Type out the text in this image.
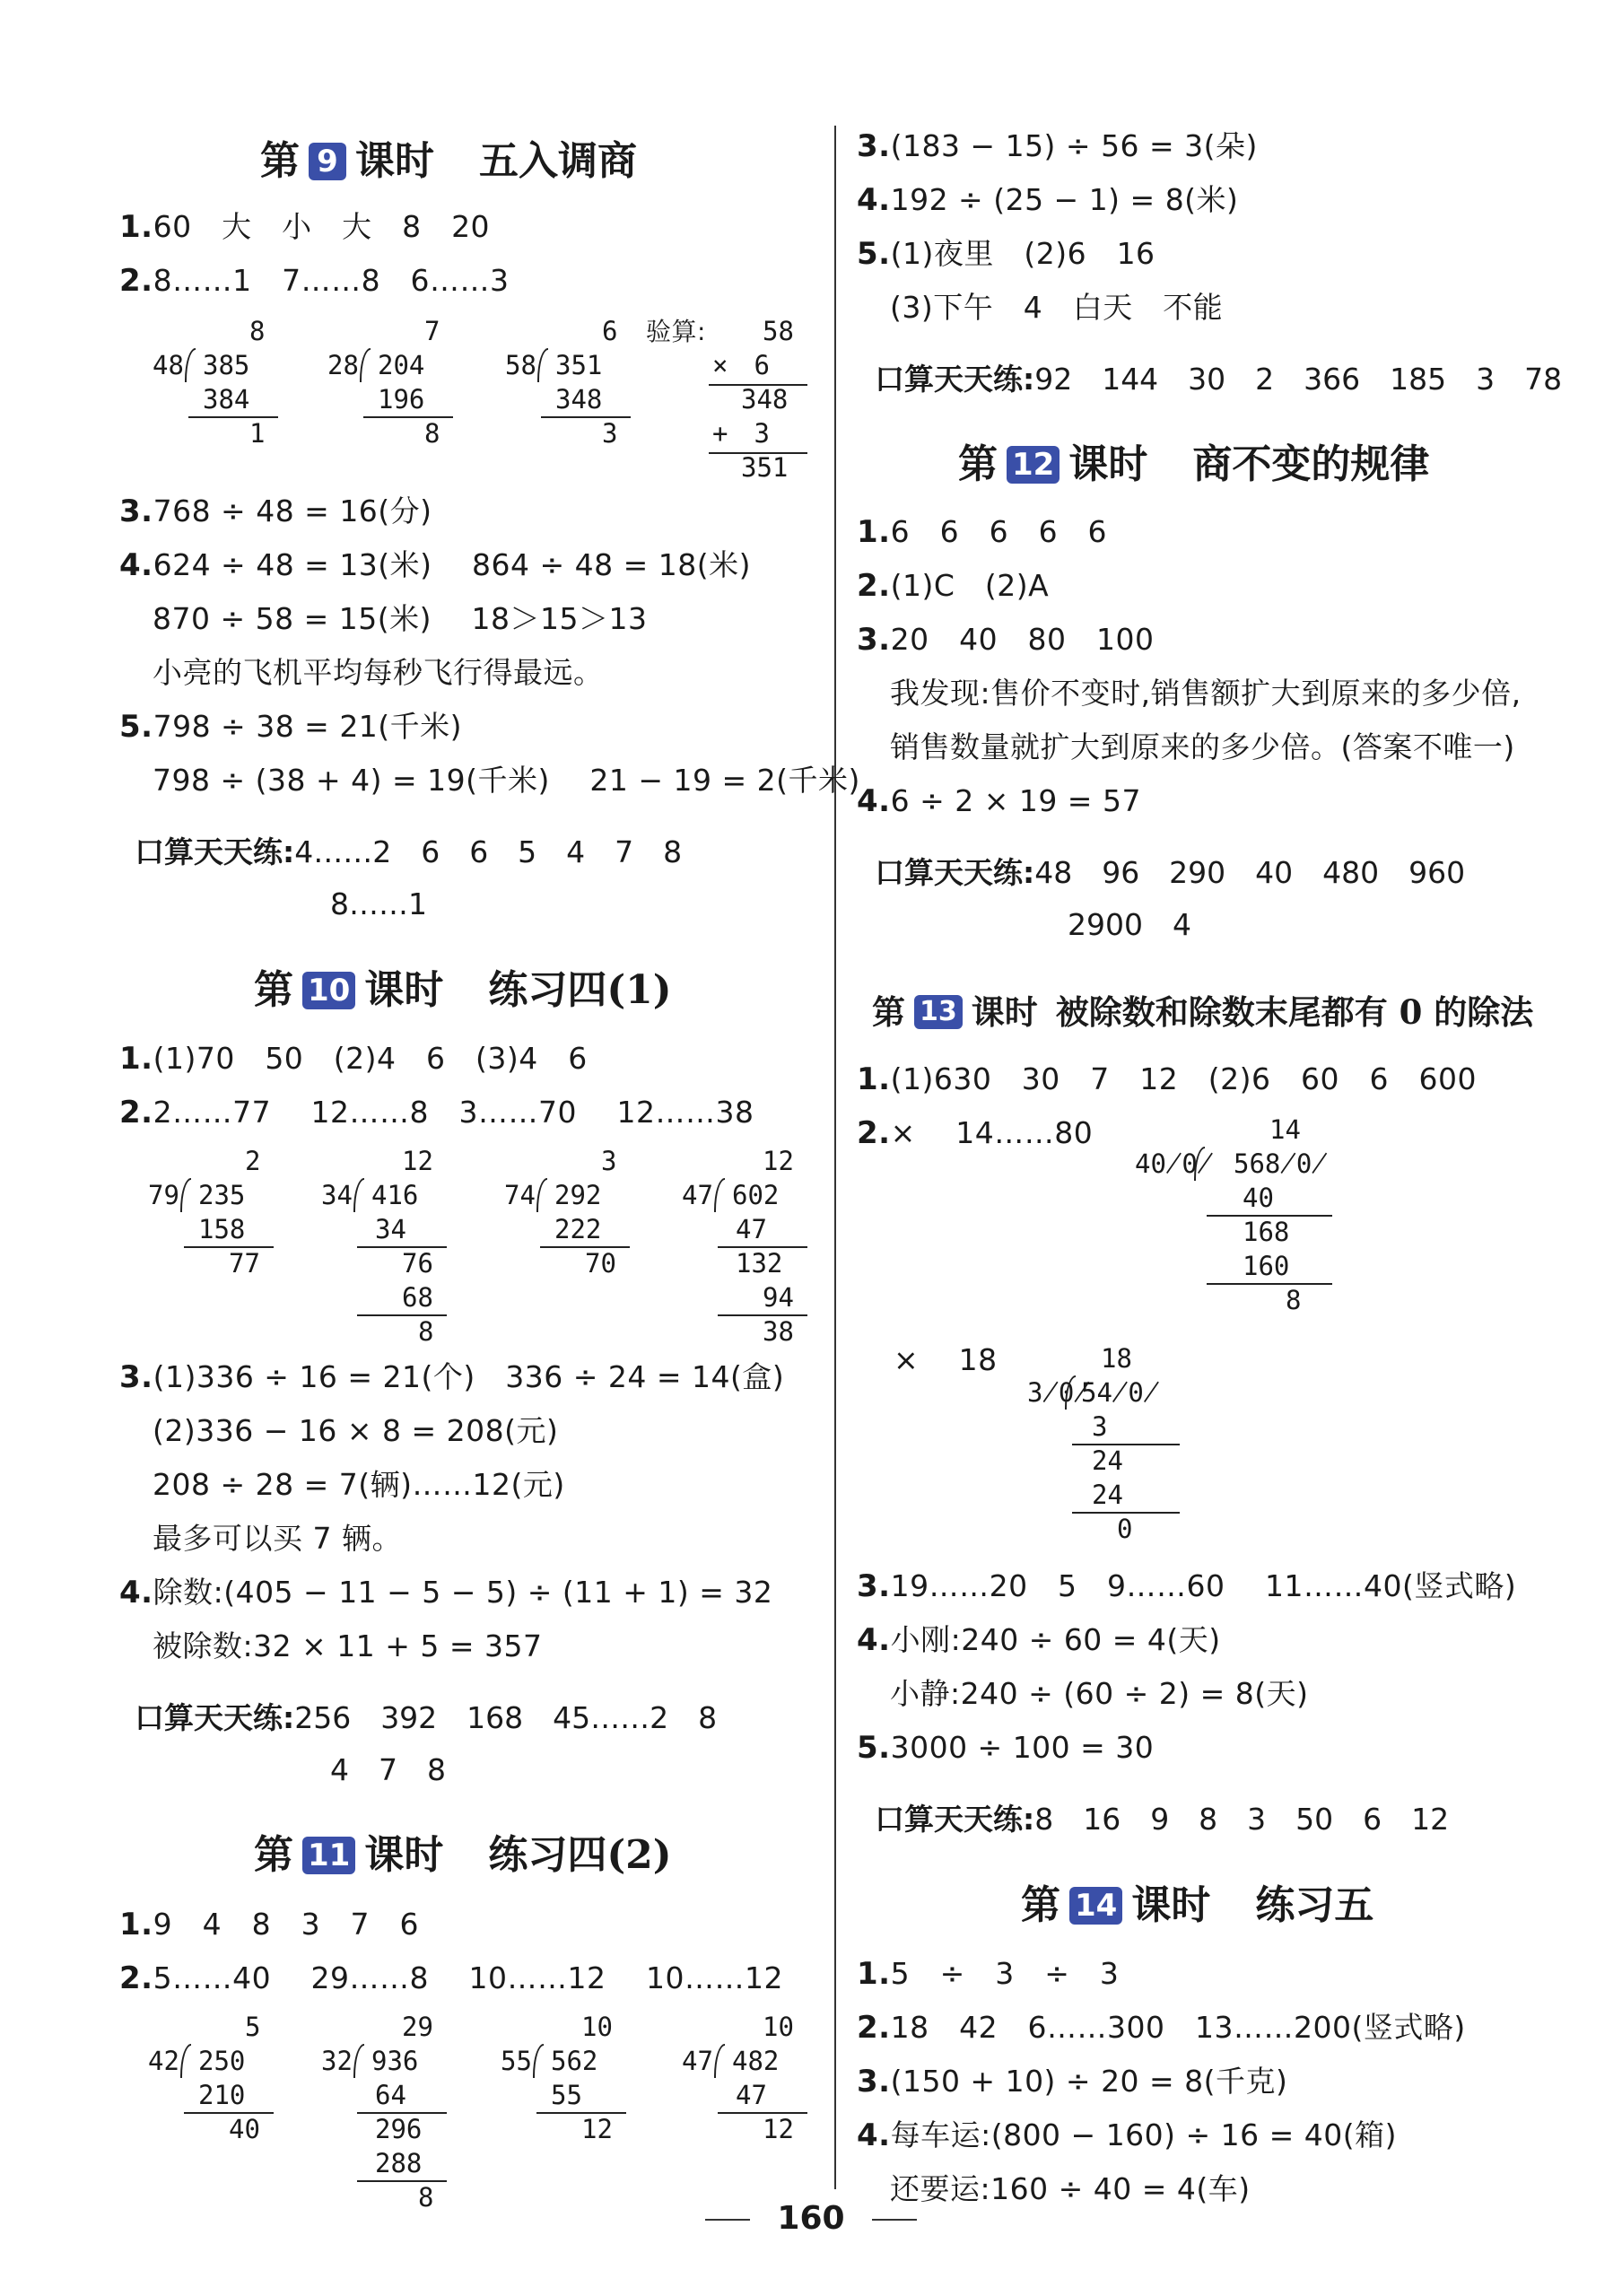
第 9 课时 五入调商
1.60　大　小　大　8　20
2.8……1　7……8　6……3
8
48 385
384
1
7
28 204
196
8
6
58 351
348
3
验算: 58
×　6
348
+　3
351
3.768 ÷ 48 = 16(分)
4.624 ÷ 48 = 13(米)　 864 ÷ 48 = 18(米)
870 ÷ 58 = 15(米)　 18＞15＞13
小亮的飞机平均每秒飞行得最远。
5.798 ÷ 38 = 21(千米)
798 ÷ (38 + 4) = 19(千米)　 21 − 19 = 2(千米)
口算天天练:4……2　6　6　5　4　7　8
8……1
第 10 课时 练习四(1)
1.(1)70　50　(2)4　6　(3)4　6
2.2……77　 12……8　3……70　 12……38
2
79 235
158
77
12
34 416
34
76
68
8
3
74 292
222
70
12
47 602
47
132
94
38
3.(1)336 ÷ 16 = 21(个)　336 ÷ 24 = 14(盒)
(2)336 − 16 × 8 = 208(元)
208 ÷ 28 = 7(辆)……12(元)
最多可以买 7 辆。
4.除数:(405 − 11 − 5 − 5) ÷ (11 + 1) = 32
被除数:32 × 11 + 5 = 357
口算天天练:256　392　168　45……2　8
4　7　8
第 11 课时 练习四(2)
1.9　4　8　3　7　6
2.5……40　 29……8　 10……12　 10……12
5
42 250
210
40
29
32 936
64
296
288
8
10
55 562
55
12
10
47 482
47
12
3.(183 − 15) ÷ 56 = 3(朵)
4.192 ÷ (25 − 1) = 8(米)
5.(1)夜里　(2)6　16
(3)下午　4　白天　不能
口算天天练:92　144　30　2　366　185　3　78
第 12 课时 商不变的规律
1.6　6　6　6　6
2.(1)C　(2)A
3.20　40　80　100
我发现:售价不变时,销售额扩大到原来的多少倍,
销售数量就扩大到原来的多少倍。(答案不唯一)
4.6 ÷ 2 × 19 = 57
口算天天练:48　96　290　40　480　960
2900　4
第 13 课时 被除数和除数末尾都有 0 的除法
1.(1)630　30　7　12　(2)6　60　6　600
2.×　 14……80	14
40̸0̸ 568̸0̸
40
168
160
8
×　 18	18
3̸0̸
54̸0̸
3
24
24
0
3.19……20　5　9……60　 11……40(竖式略)
4.小刚:240 ÷ 60 = 4(天)
小静:240 ÷ (60 ÷ 2) = 8(天)
5.3000 ÷ 100 = 30
口算天天练:8　16　9　8　3　50　6　12
第 14 课时 练习五
1.5　÷　3　÷　3
2.18　42　6……300　13……200(竖式略)
3.(150 + 10) ÷ 20 = 8(千克)
4.每车运:(800 − 160) ÷ 16 = 40(箱)
还要运:160 ÷ 40 = 4(车)
160
